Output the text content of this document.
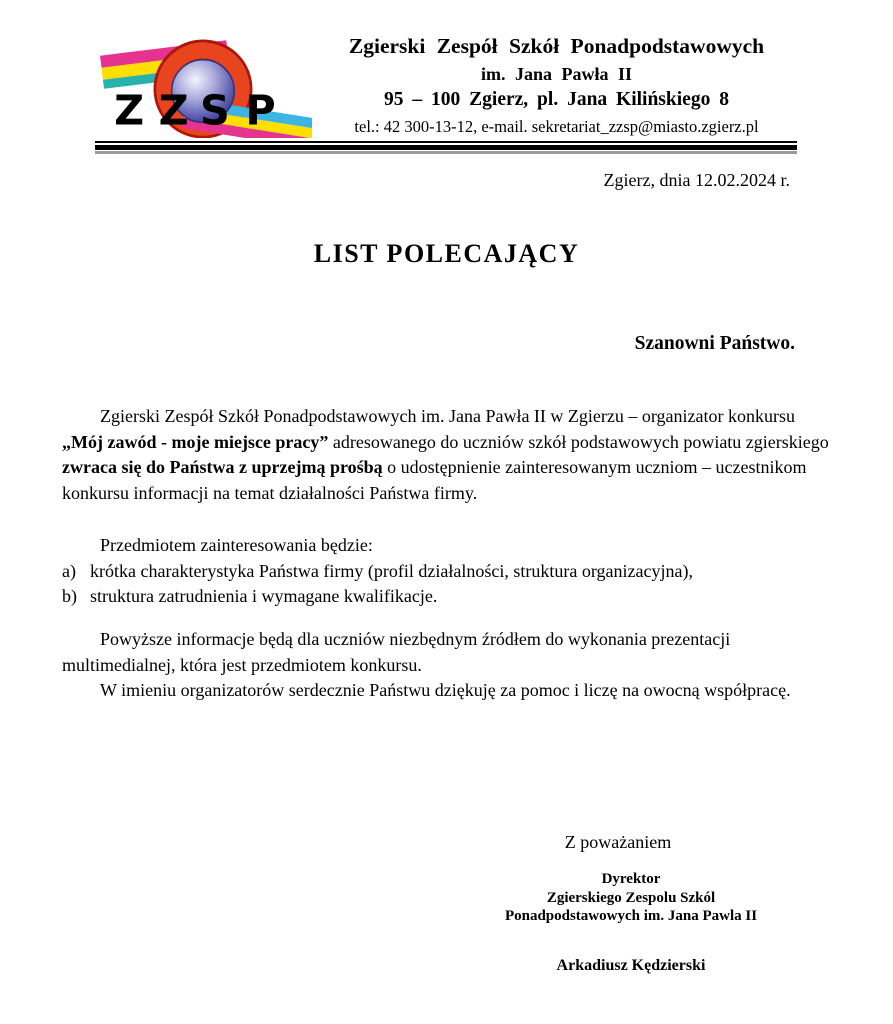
Z Z S P
Zgierski Zespół Szkół Ponadpodstawowych
im. Jana Pawła II
95 – 100 Zgierz, pl. Jana Kilińskiego 8
tel.: 42 300-13-12, e-mail. sekretariat_zzsp@miasto.zgierz.pl
Zgierz, dnia 12.02.2024 r.
LIST POLECAJĄCY
Szanowni Państwo.

Zgierski Zespół Szkół Ponadpodstawowych im. Jana Pawła II w Zgierzu – organizator konkursu „Mój zawód - moje miejsce pracy” adresowanego do uczniów szkół podstawowych powiatu zgierskiego zwraca się do Państwa z uprzejmą prośbą o udostępnienie zainteresowanym uczniom – uczestnikom konkursu informacji na temat działalności Państwa firmy.

Przedmiotem zainteresowania będzie:

a) krótka charakterystyka Państwa firmy (profil działalności, struktura organizacyjna),
b) struktura zatrudnienia i wymagane kwalifikacje.

Powyższe informacje będą dla uczniów niezbędnym źródłem do wykonania prezentacji multimedialnej, która jest przedmiotem konkursu.

W imieniu organizatorów serdecznie Państwu dziękuję za pomoc i liczę na owocną współpracę.

Z poważaniem
Dyrektor
Zgierskiego Zespolu Szkól
Ponadpodstawowych im. Jana Pawla II
Arkadiusz Kędzierski
